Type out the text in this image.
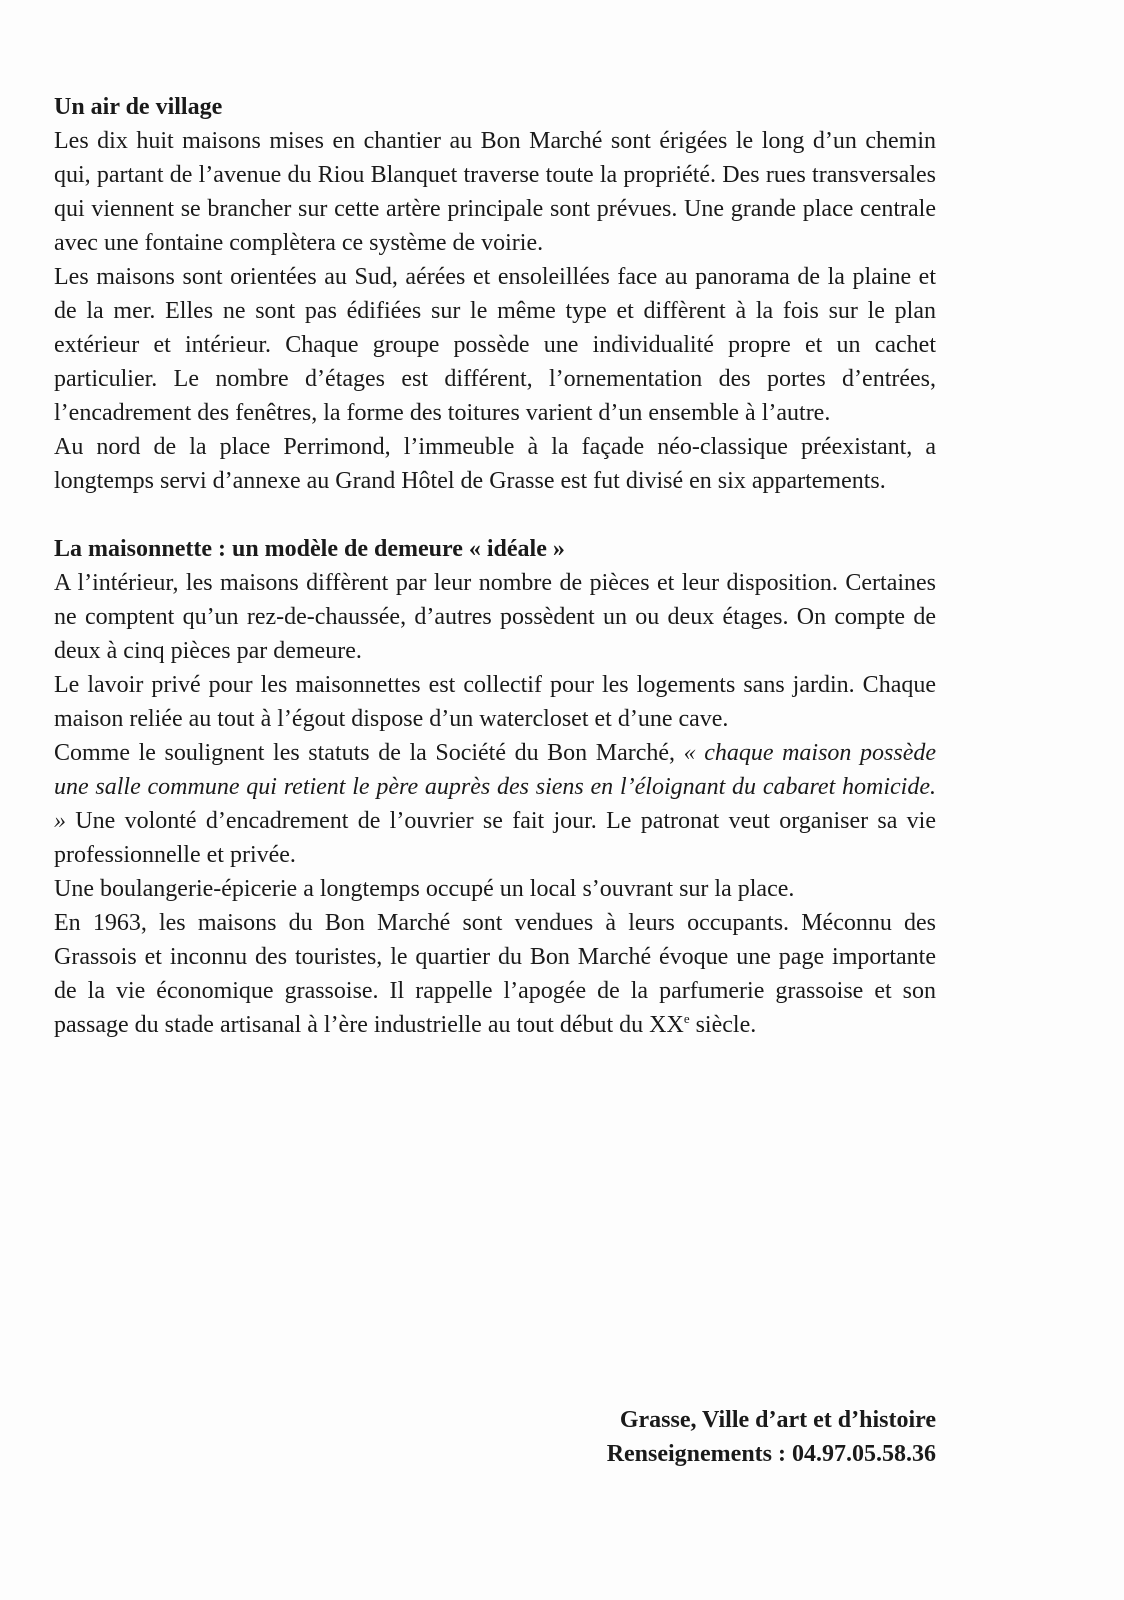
Un air de village

Les dix huit maisons mises en chantier au Bon Marché sont érigées le long d’un chemin qui, partant de l’avenue du Riou Blanquet traverse toute la propriété. Des rues transversales qui viennent se brancher sur cette artère principale sont prévues. Une grande place centrale avec une fontaine complètera ce système de voirie.

Les maisons sont orientées au Sud, aérées et ensoleillées face au panorama de la plaine et de la mer. Elles ne sont pas édifiées sur le même type et diffèrent à la fois sur le plan extérieur et intérieur. Chaque groupe possède une individualité propre et un cachet particulier. Le nombre d’étages est différent, l’ornementation des portes d’entrées, l’encadrement des fenêtres, la forme des toitures varient d’un ensemble à l’autre.

Au nord de la place Perrimond, l’immeuble à la façade néo-classique préexistant, a longtemps servi d’annexe au Grand Hôtel de Grasse est fut divisé en six appartements.

La maisonnette : un modèle de demeure « idéale »

A l’intérieur, les maisons diffèrent par leur nombre de pièces et leur disposition. Certaines ne comptent qu’un rez-de-chaussée, d’autres possèdent un ou deux étages. On compte de deux à cinq pièces par demeure.

Le lavoir privé pour les maisonnettes est collectif pour les logements sans jardin. Chaque maison reliée au tout à l’égout dispose d’un watercloset et d’une cave.

Comme le soulignent les statuts de la Société du Bon Marché, « chaque maison possède une salle commune qui retient le père auprès des siens en l’éloignant du cabaret homicide. » Une volonté d’encadrement de l’ouvrier se fait jour. Le patronat veut organiser sa vie professionnelle et privée.

Une boulangerie-épicerie a longtemps occupé un local s’ouvrant sur la place.

En 1963, les maisons du Bon Marché sont vendues à leurs occupants. Méconnu des Grassois et inconnu des touristes, le quartier du Bon Marché évoque une page importante de la vie économique grassoise. Il rappelle l’apogée de la parfumerie grassoise et son passage du stade artisanal à l’ère industrielle au tout début du XXe siècle.

Grasse, Ville d’art et d’histoire
Renseignements : 04.97.05.58.36
